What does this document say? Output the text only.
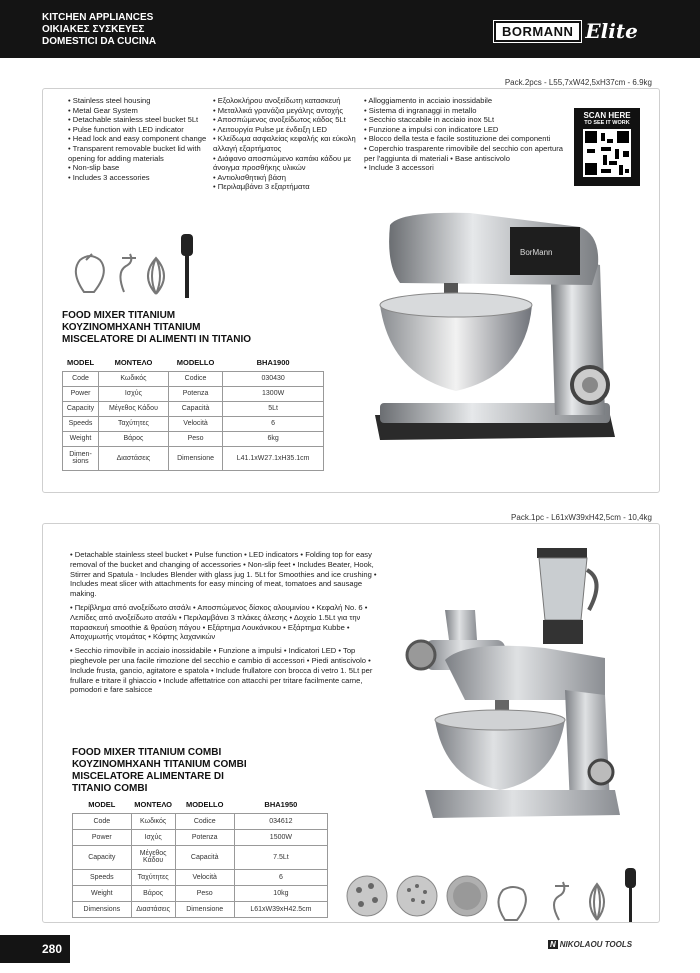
KITCHEN APPLIANCES
ΟΙΚΙΑΚΕΣ ΣΥΣΚΕΥΕΣ
DOMESTICI DA CUCINA
BORMANN Elite
Pack.2pcs - L55,7xW42,5xH37cm - 6.9kg
• Stainless steel housing
• Metal Gear System
• Detachable stainless steel bucket 5Lt
• Pulse function with LED indicator
• Head lock and easy component change
• Transparent removable bucket lid with opening for adding materials
• Non-slip base
• Includes 3 accessories
• Εξολοκλήρου ανοξείδωτη κατασκευή
• Μεταλλικά γρανάζια μεγάλης αντοχής
• Αποσπώμενος ανοξείδωτος κάδος 5Lt
• Λειτουργία Pulse με ένδειξη LED
• Κλείδωμα ασφαλείας κεφαλής και εύκολη αλλαγή εξαρτήματος
• Διάφανο αποσπώμενο καπάκι κάδου με άνοιγμα προσθήκης υλικών
• Αντιολισθητική βάση
• Περιλαμβάνει 3 εξαρτήματα
• Alloggiamento in acciaio inossidabile
• Sistema di ingranaggi in metallo
• Secchio staccabile in acciaio inox 5Lt
• Funzione a impulsi con indicatore LED
• Blocco della testa e facile sostituzione dei componenti
• Coperchio trasparente rimovibile del secchio con apertura per l'aggiunta di materiali • Base antiscivolo
• Include 3 accessori
SCAN HERE
TO SEE IT WORK
BorMann
FOOD MIXER TITANIUM
ΚΟΥΖΙΝΟΜΗΧΑΝΗ TITANIUM
MISCELATORE DI ALIMENTI IN TITANIO
MODEL	ΜΟΝΤΕΛΟ	MODELLO	BHA1900
Code	Κωδικός	Codice	030430
Power	Ισχύς	Potenza	1300W
Capacity	Μέγεθος Κάδου	Capacità	5Lt
Speeds	Ταχύτητες	Velocità	6
Weight	Βάρος	Peso	6kg
Dimen- sions	Διαστάσεις	Dimensione	L41.1xW27.1xH35.1cm
Pack.1pc - L61xW39xH42,5cm - 10,4kg

• Detachable stainless steel bucket • Pulse function • LED indicators • Folding top for easy removal of the bucket and changing of accessories • Non-slip feet • Includes Beater, Hook, Stirrer and Spatula - Includes Blender with glass jug 1. 5Lt for Smoothies and ice crushing • Includes meat slicer with attachments for easy mincing of meat, tomatoes and sausage making.

• Περίβλημα από ανοξείδωτο ατσάλι • Αποσπώμενος δίσκος αλουμινίου • Κεφαλή Νο. 6 • Λεπίδες από ανοξείδωτο ατσάλι • Περιλαμβάνει 3 πλάκες άλεσης • Δοχείο 1.5Lt για την παρασκευή smoothie & θραύση πάγου • Εξάρτημα Λουκάνικου • Εξάρτημα Kubbe • Αποχυμωτής ντομάτας • Κόφτης λαχανικών

• Secchio rimovibile in acciaio inossidabile • Funzione a impulsi • Indicatori LED • Top pieghevole per una facile rimozione del secchio e cambio di accessori • Piedi antiscivolo • Include frusta, gancio, agitatore e spatola • Include frullatore con brocca di vetro 1. 5Lt per frullare e tritare il ghiaccio • Include affettatrice con attacchi per tritare facilmente carne, pomodori e fare salsicce

FOOD MIXER TITANIUM COMBI
ΚΟΥΖΙΝΟΜΗΧΑΝΗ TITANIUM COMBI
MISCELATORE ALIMENTARE DI
TITANIO COMBI
MODEL	ΜΟΝΤΕΛΟ	MODELLO	BHA1950
Code	Κωδικός	Codice	034612
Power	Ισχύς	Potenza	1500W
Capacity	Μέγεθος Κάδου	Capacità	7.5Lt
Speeds	Ταχύτητες	Velocità	6
Weight	Βάρος	Peso	10kg
Dimensions	Διαστάσεις	Dimensione	L61xW39xH42.5cm
280	N NIKOLAOU TOOLS
